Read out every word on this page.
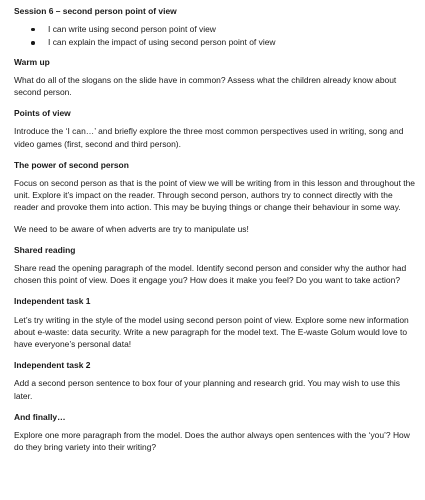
Session 6 – second person point of view
I can write using second person point of view
I can explain the impact of using second person point of view
Warm up

What do all of the slogans on the slide have in common? Assess what the children already know about second person.

Points of view

Introduce the ‘I can…’ and briefly explore the three most common perspectives used in writing, song and video games (first, second and third person).

The power of second person

Focus on second person as that is the point of view we will be writing from in this lesson and throughout the unit. Explore it’s impact on the reader. Through second person, authors try to connect directly with the reader and provoke them into action. This may be buying things or change their behaviour in some way.

We need to be aware of when adverts are try to manipulate us!

Shared reading

Share read the opening paragraph of the model. Identify second person and consider why the author had chosen this point of view. Does it engage you? How does it make you feel? Do you want to take action?

Independent task 1

Let’s try writing in the style of the model using second person point of view. Explore some new information about e-waste: data security. Write a new paragraph for the model text. The E-waste Golum would love to have everyone’s personal data!

Independent task 2

Add a second person sentence to box four of your planning and research grid. You may wish to use this later.

And finally…

Explore one more paragraph from the model. Does the author always open sentences with the ‘you’? How do they bring variety into their writing?
